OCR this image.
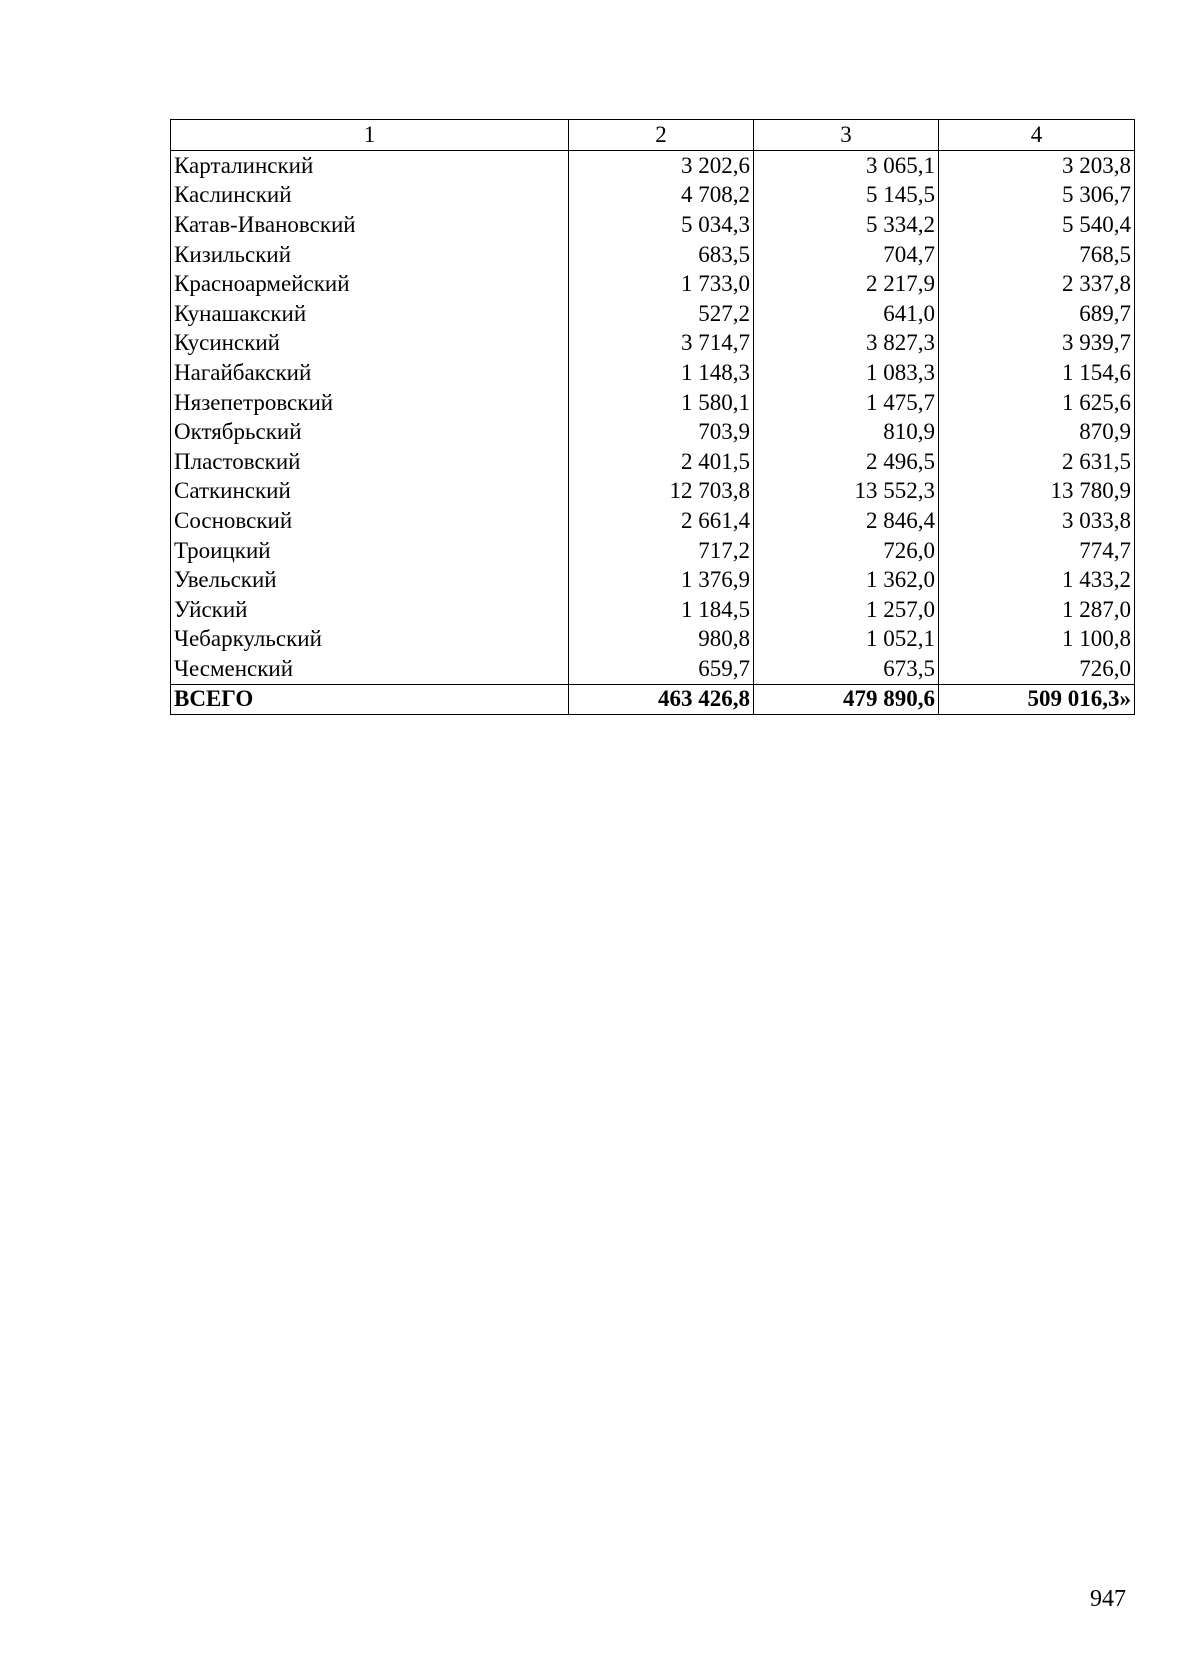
1	2	3	4
Карталинский	3 202,6	3 065,1	3 203,8
Каслинский	4 708,2	5 145,5	5 306,7
Катав-Ивановский	5 034,3	5 334,2	5 540,4
Кизильский	683,5	704,7	768,5
Красноармейский	1 733,0	2 217,9	2 337,8
Кунашакский	527,2	641,0	689,7
Кусинский	3 714,7	3 827,3	3 939,7
Нагайбакский	1 148,3	1 083,3	1 154,6
Нязепетровский	1 580,1	1 475,7	1 625,6
Октябрьский	703,9	810,9	870,9
Пластовский	2 401,5	2 496,5	2 631,5
Саткинский	12 703,8	13 552,3	13 780,9
Сосновский	2 661,4	2 846,4	3 033,8
Троицкий	717,2	726,0	774,7
Увельский	1 376,9	1 362,0	1 433,2
Уйский	1 184,5	1 257,0	1 287,0
Чебаркульский	980,8	1 052,1	1 100,8
Чесменский	659,7	673,5	726,0
ВСЕГО	463 426,8	479 890,6	509 016,3»
947
